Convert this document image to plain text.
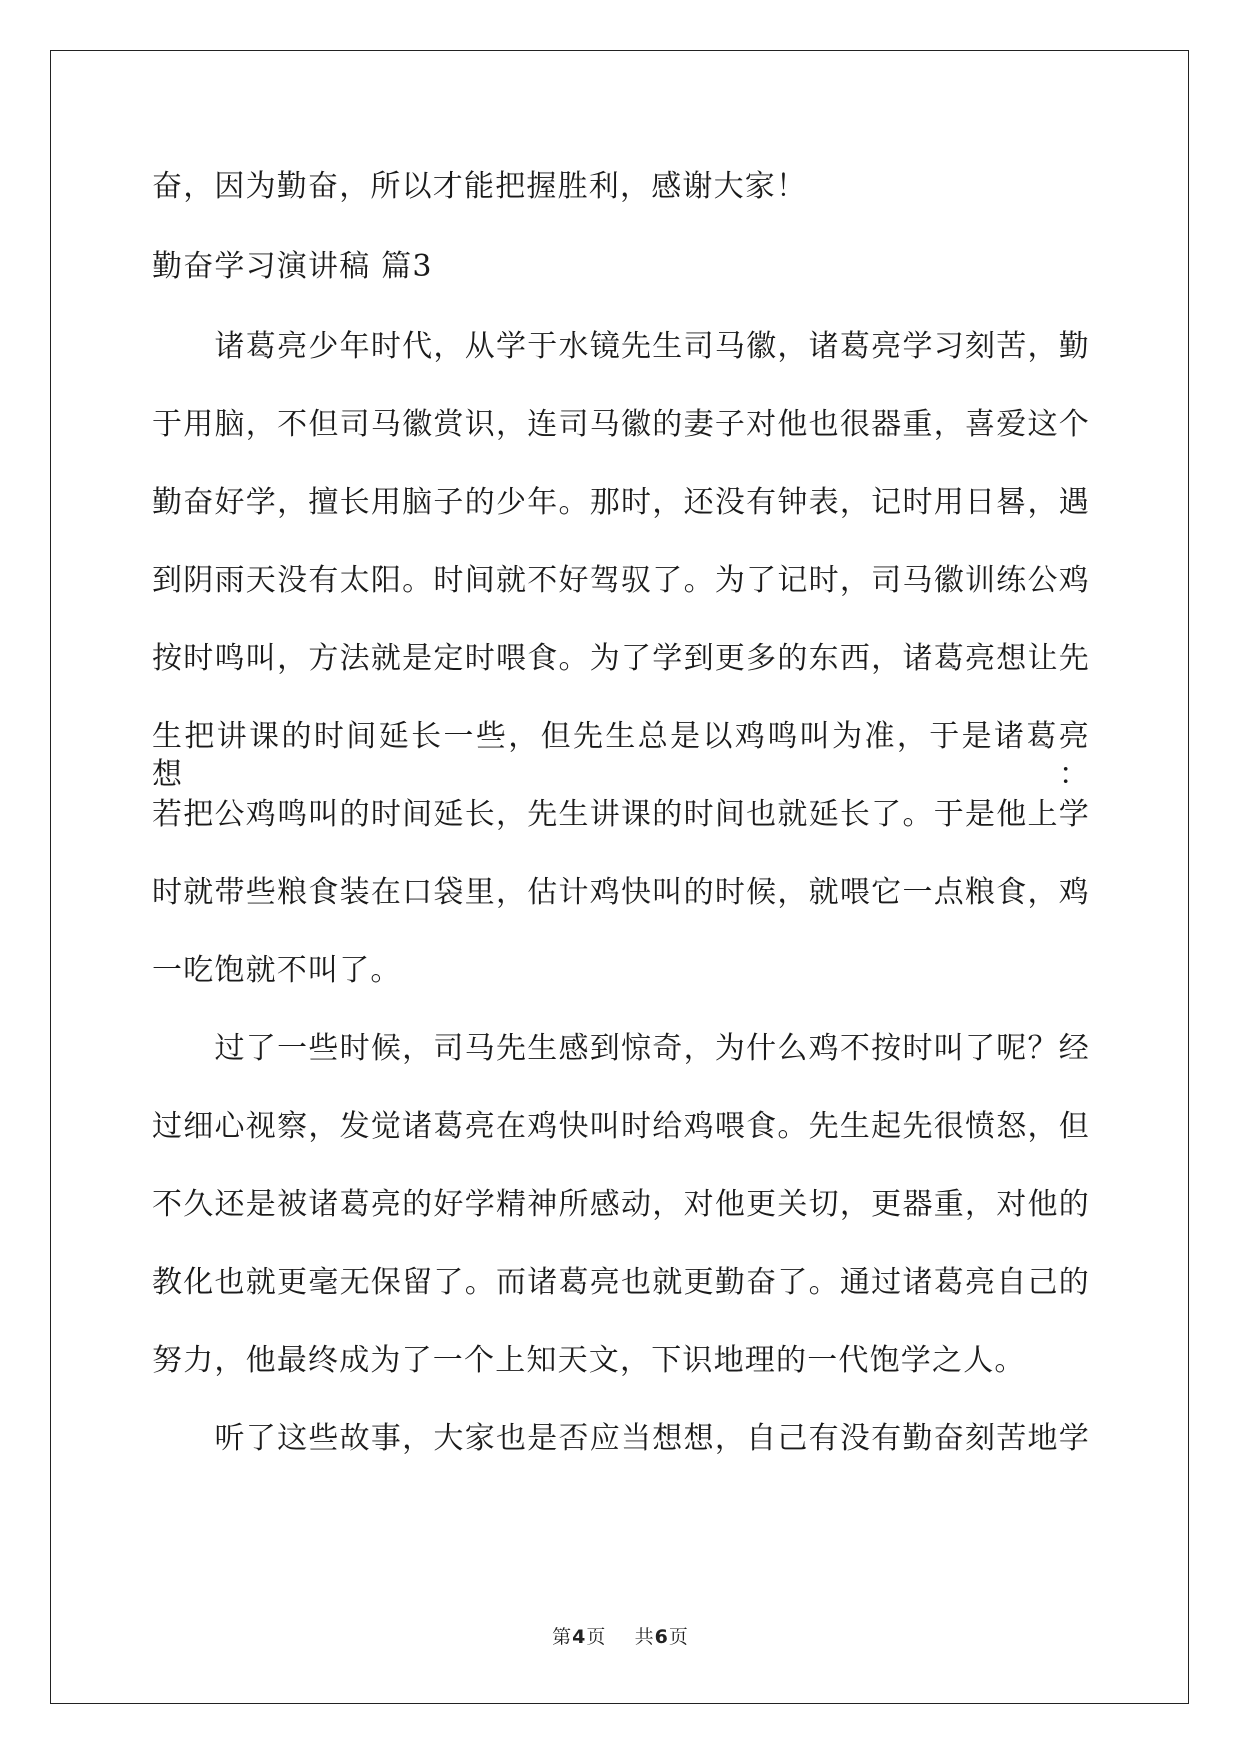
奋，因为勤奋，所以才能把握胜利，感谢大家！

勤奋学习演讲稿 篇3

　　诸葛亮少年时代，从学于水镜先生司马徽，诸葛亮学习刻苦，勤

于用脑，不但司马徽赏识，连司马徽的妻子对他也很器重，喜爱这个

勤奋好学，擅长用脑子的少年。那时，还没有钟表，记时用日晷，遇

到阴雨天没有太阳。时间就不好驾驭了。为了记时，司马徽训练公鸡

按时鸣叫，方法就是定时喂食。为了学到更多的东西，诸葛亮想让先

生把讲课的时间延长一些，但先生总是以鸡鸣叫为准，于是诸葛亮想：

若把公鸡鸣叫的时间延长，先生讲课的时间也就延长了。于是他上学

时就带些粮食装在口袋里，估计鸡快叫的时候，就喂它一点粮食，鸡

一吃饱就不叫了。

　　过了一些时候，司马先生感到惊奇，为什么鸡不按时叫了呢？经

过细心视察，发觉诸葛亮在鸡快叫时给鸡喂食。先生起先很愤怒，但

不久还是被诸葛亮的好学精神所感动，对他更关切，更器重，对他的

教化也就更毫无保留了。而诸葛亮也就更勤奋了。通过诸葛亮自己的

努力，他最终成为了一个上知天文，下识地理的一代饱学之人。

　　听了这些故事，大家也是否应当想想，自己有没有勤奋刻苦地学

第4页 共6页
